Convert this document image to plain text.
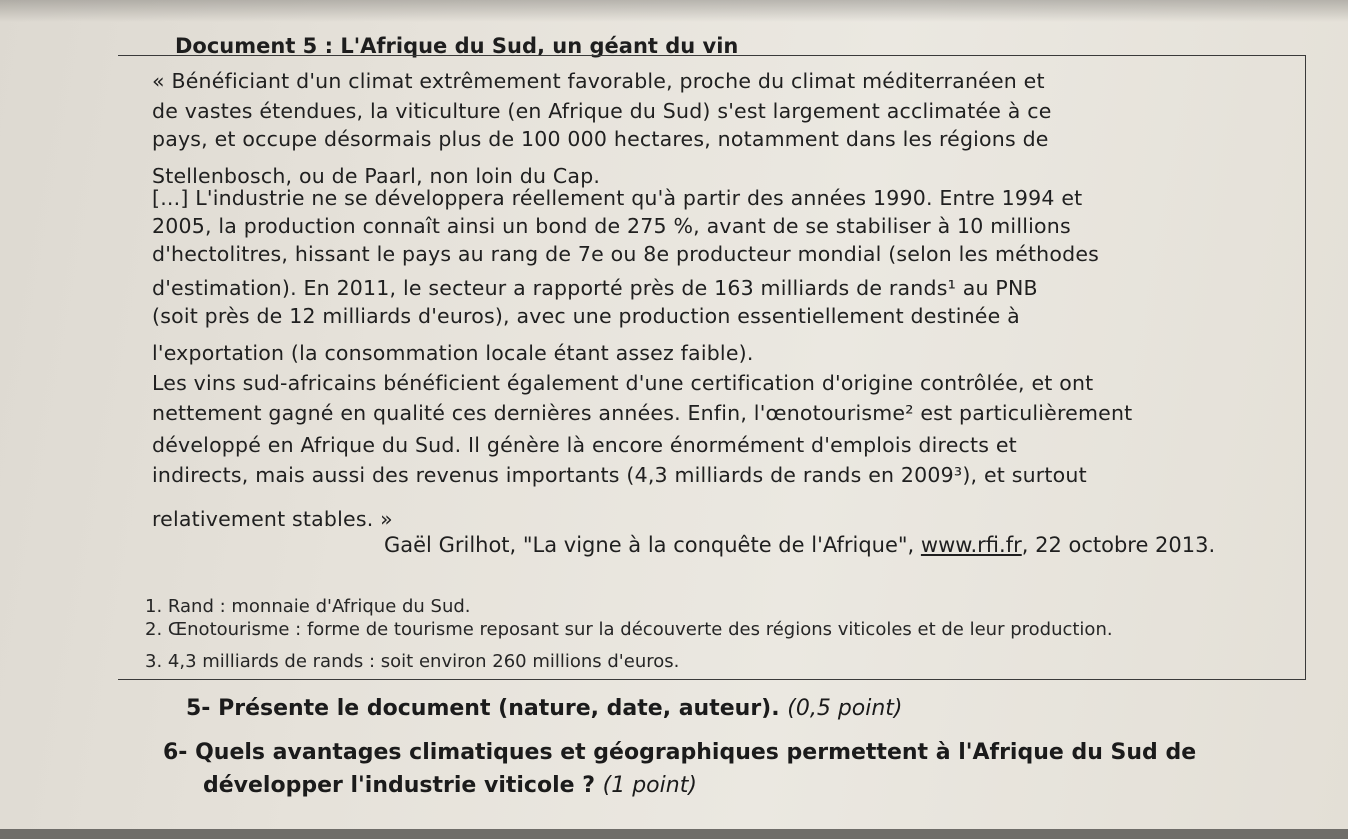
Document 5 : L'Afrique du Sud, un géant du vin
« Bénéficiant d'un climat extrêmement favorable, proche du climat méditerranéen et
de vastes étendues, la viticulture (en Afrique du Sud) s'est largement acclimatée à ce
pays, et occupe désormais plus de 100 000 hectares, notamment dans les régions de
Stellenbosch, ou de Paarl, non loin du Cap.
[...] L'industrie ne se développera réellement qu'à partir des années 1990. Entre 1994 et
2005, la production connaît ainsi un bond de 275 %, avant de se stabiliser à 10 millions
d'hectolitres, hissant le pays au rang de 7e ou 8e producteur mondial (selon les méthodes
d'estimation). En 2011, le secteur a rapporté près de 163 milliards de rands¹ au PNB
(soit près de 12 milliards d'euros), avec une production essentiellement destinée à
l'exportation (la consommation locale étant assez faible).
Les vins sud-africains bénéficient également d'une certification d'origine contrôlée, et ont
nettement gagné en qualité ces dernières années. Enfin, l'œnotourisme² est particulièrement
développé en Afrique du Sud. Il génère là encore énormément d'emplois directs et
indirects, mais aussi des revenus importants (4,3 milliards de rands en 2009³), et surtout
relativement stables. »
Gaël Grilhot, "La vigne à la conquête de l'Afrique", www.rfi.fr, 22 octobre 2013.
1. Rand : monnaie d'Afrique du Sud.
2. Œnotourisme : forme de tourisme reposant sur la découverte des régions viticoles et de leur production.
3. 4,3 milliards de rands : soit environ 260 millions d'euros.
5- Présente le document (nature, date, auteur). (0,5 point)
6- Quels avantages climatiques et géographiques permettent à l'Afrique du Sud de
développer l'industrie viticole ? (1 point)
